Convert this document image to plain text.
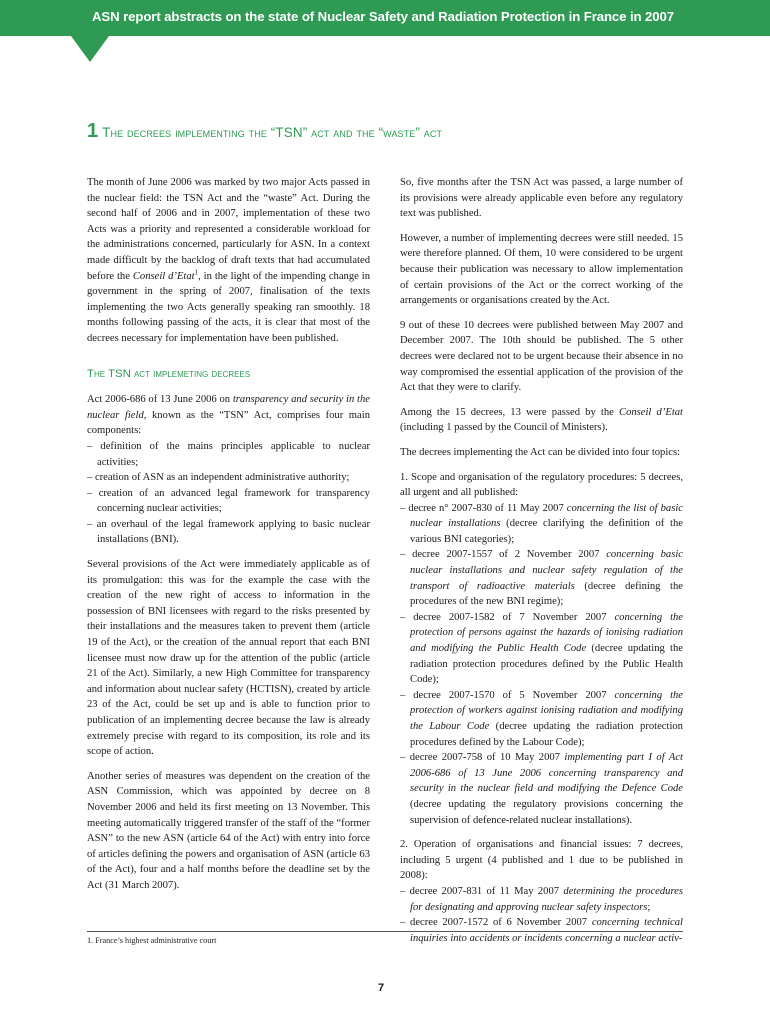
ASN report abstracts on the state of Nuclear Safety and Radiation Protection in France in 2007
1 The decrees implementing the “TSN” act and the “waste” act

The month of June 2006 was marked by two major Acts passed in the nuclear field: the TSN Act and the “waste” Act. During the second half of 2006 and in 2007, implementation of these two Acts was a priority and represented a considerable workload for the administrations concerned, particularly for ASN. In a context made difficult by the backlog of draft texts that had accumulated before the Conseil d’Etat$^1$, in the light of the impending change in government in the spring of 2007, finalisation of the texts implementing the two Acts generally speaking ran smoothly. 18 months following passing of the acts, it is clear that most of the decrees necessary for implementation have been published.

The TSN act implemeting decrees

Act 2006-686 of 13 June 2006 on transparency and security in the nuclear field, known as the “TSN” Act, comprises four main components:

– definition of the mains principles applicable to nuclear activities;
– creation of ASN as an independent administrative authority;
– creation of an advanced legal framework for transparency concerning nuclear activities;
– an overhaul of the legal framework applying to basic nuclear installations (BNI).

Several provisions of the Act were immediately applicable as of its promulgation: this was for the example the case with the creation of the new right of access to information in the possession of BNI licensees with regard to the risks presented by their installations and the measures taken to prevent them (article 19 of the Act), or the creation of the annual report that each BNI licensee must now draw up for the attention of the public (article 21 of the Act). Similarly, a new High Committee for transparency and information about nuclear safety (HCTISN), created by article 23 of the Act, could be set up and is able to function prior to publication of an implementing decree because the law is already extremely precise with regard to its composition, its role and its scope of action.

Another series of measures was dependent on the creation of the ASN Commission, which was appointed by decree on 8 November 2006 and held its first meeting on 13 November. This meeting automatically triggered transfer of the staff of the “former ASN” to the new ASN (article 64 of the Act) with entry into force of articles defining the powers and organisation of ASN (article 63 of the Act), four and a half months before the deadline set by the Act (31 March 2007).

So, five months after the TSN Act was passed, a large number of its provisions were already applicable even before any regulatory text was published.

However, a number of implementing decrees were still needed. 15 were therefore planned. Of them, 10 were considered to be urgent because their publication was necessary to allow implementation of certain provisions of the Act or the correct working of the arrangements or organisations created by the Act.

9 out of these 10 decrees were published between May 2007 and December 2007. The 10th should be published. The 5 other decrees were declared not to be urgent because their absence in no way compromised the essential application of the provision of the Act that they were to clarify.

Among the 15 decrees, 13 were passed by the Conseil d’Etat (including 1 passed by the Council of Ministers).

The decrees implementing the Act can be divided into four topics:

1. Scope and organisation of the regulatory procedures: 5 decrees, all urgent and all published:

– decree n° 2007-830 of 11 May 2007 concerning the list of basic nuclear installations (decree clarifying the definition of the various BNI categories);
– decree 2007-1557 of 2 November 2007 concerning basic nuclear installations and nuclear safety regulation of the transport of radioactive materials (decree defining the procedures of the new BNI regime);
– decree 2007-1582 of 7 November 2007 concerning the protection of persons against the hazards of ionising radiation and modifying the Public Health Code (decree updating the radiation protection procedures defined by the Public Health Code);
– decree 2007-1570 of 5 November 2007 concerning the protection of workers against ionising radiation and modifying the Labour Code (decree updating the radiation protection procedures defined by the Labour Code);
– decree 2007-758 of 10 May 2007 implementing part I of Act 2006-686 of 13 June 2006 concerning transparency and security in the nuclear field and modifying the Defence Code (decree updating the regulatory provisions concerning the supervision of defence-related nuclear installations).

2. Operation of organisations and financial issues: 7 decrees, including 5 urgent (4 published and 1 due to be published in 2008):

– decree 2007-831 of 11 May 2007 determining the procedures for designating and approving nuclear safety inspectors;
– decree 2007-1572 of 6 November 2007 concerning technical inquiries into accidents or incidents concerning a nuclear activ-
1. France’s highest administrative court
7
